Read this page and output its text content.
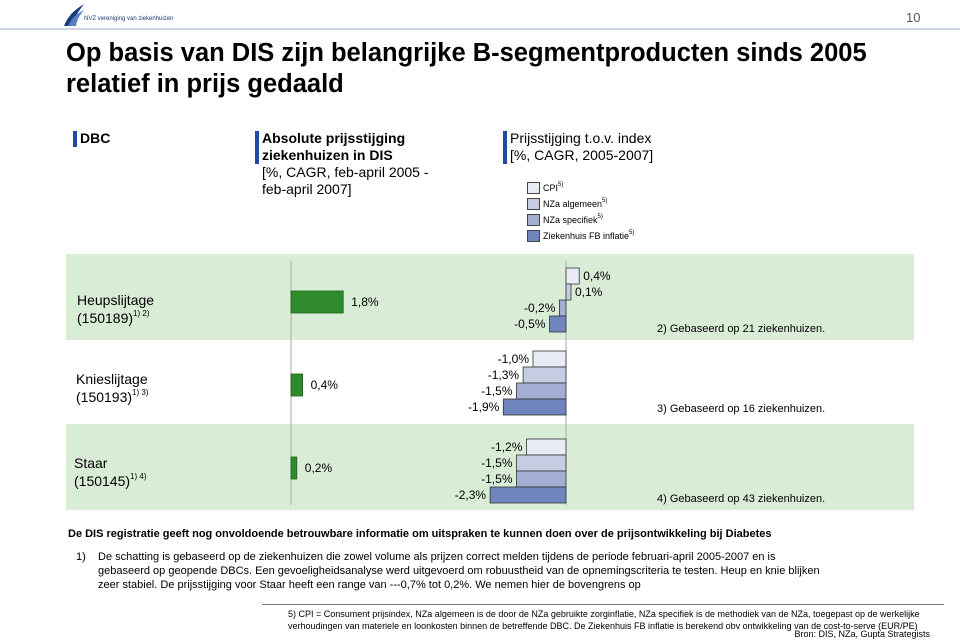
NVZ vereniging van ziekenhuizen	10
Op basis van DIS zijn belangrijke B-segmentproducten sinds 2005 relatief in prijs gedaald
DBC	Absolute prijsstijging ziekenhuizen in DIS
[%, CAGR, feb-april 2005 - feb-april 2007]
Prijsstijging t.o.v. index
[%, CAGR, 2005-2007]
CPI$^{5)}$
NZa algemeen$^{5)}$
NZa specifiek$^{5)}$
Ziekenhuis FB inflatie$^{5)}$
Heupslijtage
$(150189)^{1) 2)}$
Knieslijtage
$(150193)^{1) 3)}$
Staar
$(150145)^{1) 4)}$
2) Gebaseerd op 21 ziekenhuizen.
3) Gebaseerd op 16 ziekenhuizen.
4) Gebaseerd op 43 ziekenhuizen.
1,8%
0,4%
0,2%
0,4%
0,1%
-0,2%
-0,5%
-1,0%
-1,3%
-1,5%
-1,9%
-1,2%
-1,5%
-1,5%
-2,3%
De DIS registratie geeft nog onvoldoende betrouwbare informatie om uitspraken te kunnen doen over de prijsontwikkeling bij Diabetes
1) De schatting is gebaseerd op de ziekenhuizen die zowel volume als prijzen correct melden tijdens de periode februari-april 2005-2007 en is gebaseerd op geopende DBCs. Een gevoeligheidsanalyse werd uitgevoerd om robuustheid van de opnemingscriteria te testen. Heup en knie blijken zeer stabiel. De prijsstijging voor Staar heeft een range van ---0,7% tot 0,2%. We nemen hier de bovengrens op
5) CPI = Consument prijsindex, NZa algemeen is de door de NZa gebruikte zorginflatie, NZa specifiek is de methodiek van de NZa, toegepast op de werkelijke verhoudingen van materiele en loonkosten binnen de betreffende DBC. De Ziekenhuis FB inflatie is berekend obv ontwikkeling van de cost-to-serve (EUR/PE)
Bron: DIS, NZa, Gupta Strategists
